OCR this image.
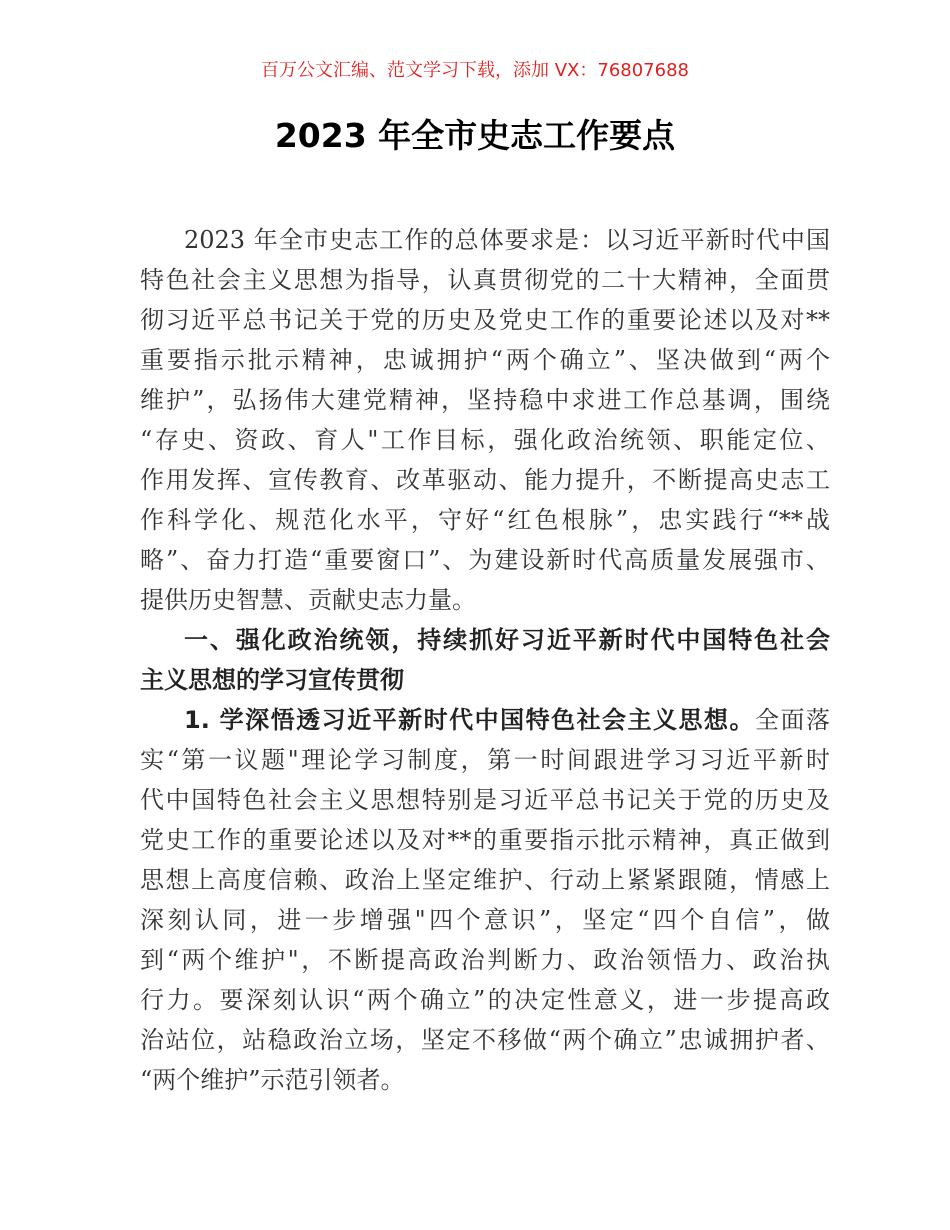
百万公文汇编、范文学习下载，添加 VX：76807688
2023 年全市史志工作要点
2023 年全市史志工作的总体要求是：以习近平新时代中国
特色社会主义思想为指导，认真贯彻党的二十大精神，全面贯
彻习近平总书记关于党的历史及党史工作的重要论述以及对**
重要指示批示精神，忠诚拥护“两个确立”、坚决做到“两个
维护”，弘扬伟大建党精神，坚持稳中求进工作总基调，围绕
“存史、资政、育人"工作目标，强化政治统领、职能定位、
作用发挥、宣传教育、改革驱动、能力提升，不断提高史志工
作科学化、规范化水平，守好“红色根脉”，忠实践行“**战
略”、奋力打造“重要窗口”、为建设新时代高质量发展强市、
提供历史智慧、贡献史志力量。
一、强化政治统领，持续抓好习近平新时代中国特色社会
主义思想的学习宣传贯彻
1. 学深悟透习近平新时代中国特色社会主义思想。全面落
实“第一议题"理论学习制度，第一时间跟进学习习近平新时
代中国特色社会主义思想特别是习近平总书记关于党的历史及
党史工作的重要论述以及对**的重要指示批示精神，真正做到
思想上高度信赖、政治上坚定维护、行动上紧紧跟随，情感上
深刻认同，进一步增强"四个意识”，坚定“四个自信”，做
到“两个维护"，不断提高政治判断力、政治领悟力、政治执
行力。要深刻认识“两个确立”的决定性意义，进一步提高政
治站位，站稳政治立场，坚定不移做“两个确立”忠诚拥护者、
“两个维护”示范引领者。
